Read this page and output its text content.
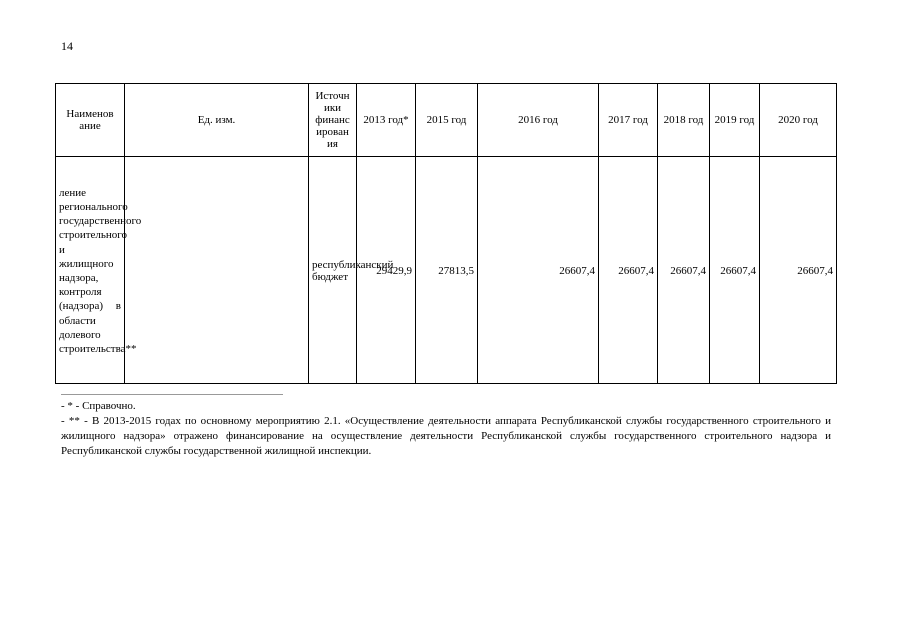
14
Наименов ание	Ед. изм.	Источн ики финанс ирован ия	2013 год*	2015 год	2016 год	2017 год	2018 год	2019 год	2020 год
ление регионального государственного строительного и жилищного надзора, контроля (надзора) в области долевого строительства**		республиканский бюджет	29429,9	27813,5	26607,4	26607,4	26607,4	26607,4	26607,4

- * - Справочно.

- ** - В 2013-2015 годах по основному мероприятию 2.1. «Осуществление деятельности аппарата Республиканской службы государственного строительного и жилищного надзора» отражено финансирование на осуществление деятельности Республиканской службы государственного строительного надзора и Республиканской службы государственной жилищной инспекции.
